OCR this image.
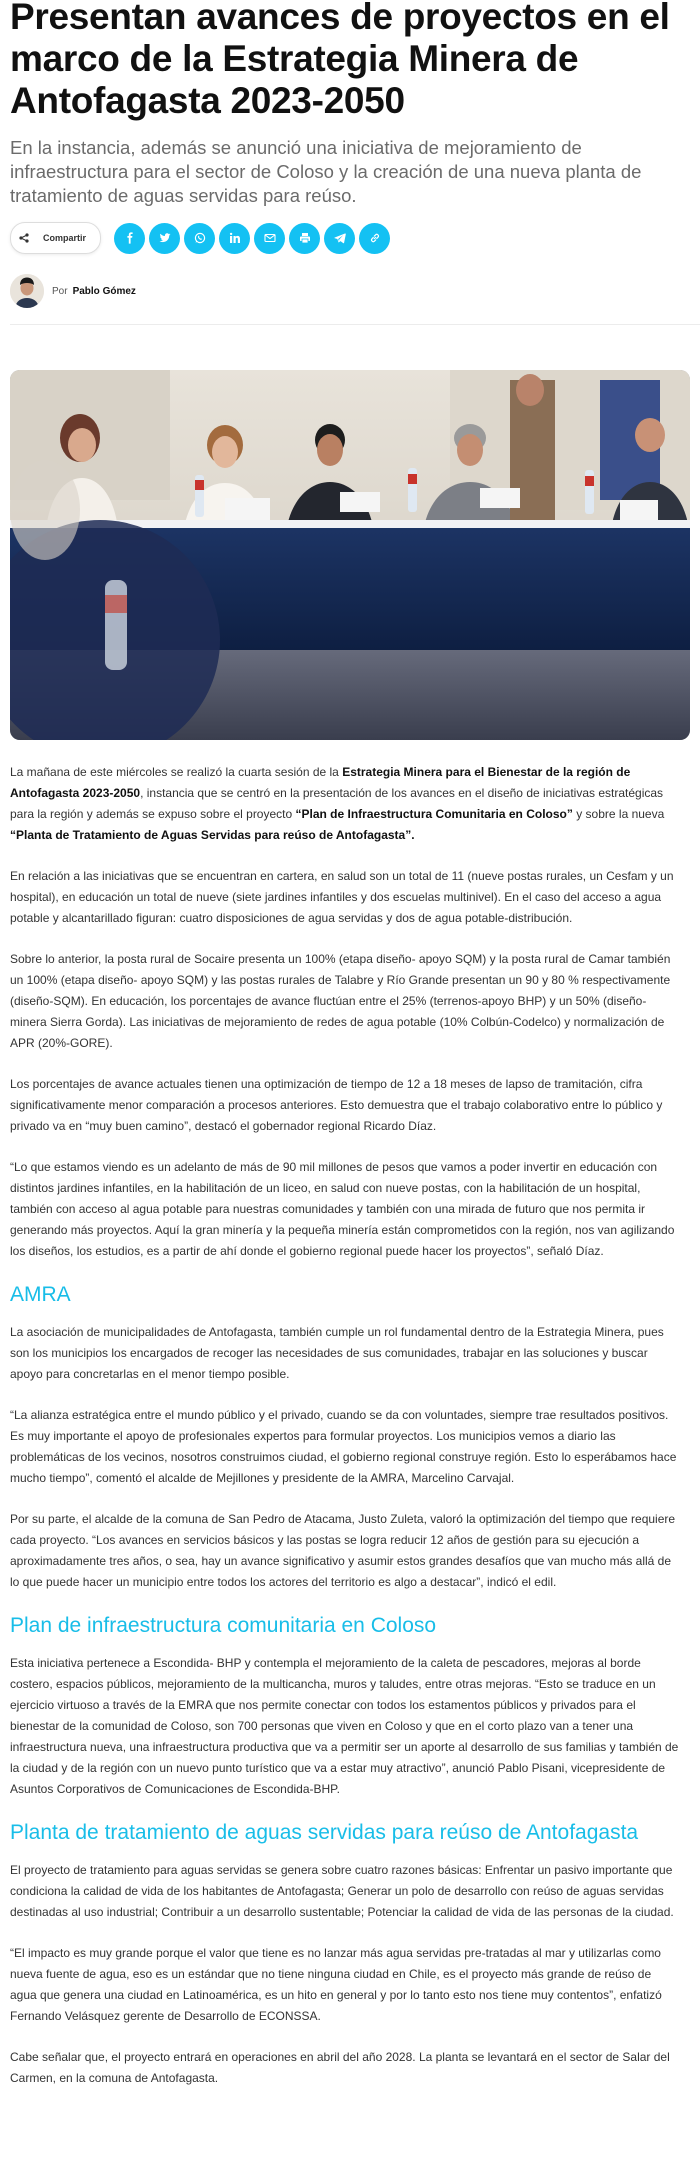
Presentan avances de proyectos en el marco de la Estrategia Minera de Antofagasta 2023-2050
En la instancia, además se anunció una iniciativa de mejoramiento de infraestructura para el sector de Coloso y la creación de una nueva planta de tratamiento de aguas servidas para reúso.
Compartir
Por Pablo Gómez

La mañana de este miércoles se realizó la cuarta sesión de la Estrategia Minera para el Bienestar de la región de Antofagasta 2023-2050, instancia que se centró en la presentación de los avances en el diseño de iniciativas estratégicas para la región y además se expuso sobre el proyecto “Plan de Infraestructura Comunitaria en Coloso” y sobre la nueva “Planta de Tratamiento de Aguas Servidas para reúso de Antofagasta”.

En relación a las iniciativas que se encuentran en cartera, en salud son un total de 11 (nueve postas rurales, un Cesfam y un hospital), en educación un total de nueve (siete jardines infantiles y dos escuelas multinivel). En el caso del acceso a agua potable y alcantarillado figuran: cuatro disposiciones de agua servidas y dos de agua potable-distribución.

Sobre lo anterior, la posta rural de Socaire presenta un 100% (etapa diseño- apoyo SQM) y la posta rural de Camar también un 100% (etapa diseño- apoyo SQM) y las postas rurales de Talabre y Río Grande presentan un 90 y 80 % respectivamente (diseño-SQM). En educación, los porcentajes de avance fluctúan entre el 25% (terrenos-apoyo BHP) y un 50% (diseño-minera Sierra Gorda). Las iniciativas de mejoramiento de redes de agua potable (10% Colbún-Codelco) y normalización de APR (20%-GORE).

Los porcentajes de avance actuales tienen una optimización de tiempo de 12 a 18 meses de lapso de tramitación, cifra significativamente menor comparación a procesos anteriores. Esto demuestra que el trabajo colaborativo entre lo público y privado va en “muy buen camino”, destacó el gobernador regional Ricardo Díaz.

“Lo que estamos viendo es un adelanto de más de 90 mil millones de pesos que vamos a poder invertir en educación con distintos jardines infantiles, en la habilitación de un liceo, en salud con nueve postas, con la habilitación de un hospital, también con acceso al agua potable para nuestras comunidades y también con una mirada de futuro que nos permita ir generando más proyectos. Aquí la gran minería y la pequeña minería están comprometidos con la región, nos van agilizando los diseños, los estudios, es a partir de ahí donde el gobierno regional puede hacer los proyectos”, señaló Díaz.

AMRA

La asociación de municipalidades de Antofagasta, también cumple un rol fundamental dentro de la Estrategia Minera, pues son los municipios los encargados de recoger las necesidades de sus comunidades, trabajar en las soluciones y buscar apoyo para concretarlas en el menor tiempo posible.

“La alianza estratégica entre el mundo público y el privado, cuando se da con voluntades, siempre trae resultados positivos. Es muy importante el apoyo de profesionales expertos para formular proyectos. Los municipios vemos a diario las problemáticas de los vecinos, nosotros construimos ciudad, el gobierno regional construye región. Esto lo esperábamos hace mucho tiempo”, comentó el alcalde de Mejillones y presidente de la AMRA, Marcelino Carvajal.

Por su parte, el alcalde de la comuna de San Pedro de Atacama, Justo Zuleta, valoró la optimización del tiempo que requiere cada proyecto. “Los avances en servicios básicos y las postas se logra reducir 12 años de gestión para su ejecución a aproximadamente tres años, o sea, hay un avance significativo y asumir estos grandes desafíos que van mucho más allá de lo que puede hacer un municipio entre todos los actores del territorio es algo a destacar”, indicó el edil.

Plan de infraestructura comunitaria en Coloso

Esta iniciativa pertenece a Escondida- BHP y contempla el mejoramiento de la caleta de pescadores, mejoras al borde costero, espacios públicos, mejoramiento de la multicancha, muros y taludes, entre otras mejoras. “Esto se traduce en un ejercicio virtuoso a través de la EMRA que nos permite conectar con todos los estamentos públicos y privados para el bienestar de la comunidad de Coloso, son 700 personas que viven en Coloso y que en el corto plazo van a tener una infraestructura nueva, una infraestructura productiva que va a permitir ser un aporte al desarrollo de sus familias y también de la ciudad y de la región con un nuevo punto turístico que va a estar muy atractivo”, anunció Pablo Pisani, vicepresidente de Asuntos Corporativos de Comunicaciones de Escondida-BHP.

Planta de tratamiento de aguas servidas para reúso de Antofagasta

El proyecto de tratamiento para aguas servidas se genera sobre cuatro razones básicas: Enfrentar un pasivo importante que condiciona la calidad de vida de los habitantes de Antofagasta; Generar un polo de desarrollo con reúso de aguas servidas destinadas al uso industrial; Contribuir a un desarrollo sustentable; Potenciar la calidad de vida de las personas de la ciudad.

“El impacto es muy grande porque el valor que tiene es no lanzar más agua servidas pre-tratadas al mar y utilizarlas como nueva fuente de agua, eso es un estándar que no tiene ninguna ciudad en Chile, es el proyecto más grande de reúso de agua que genera una ciudad en Latinoamérica, es un hito en general y por lo tanto esto nos tiene muy contentos”, enfatizó Fernando Velásquez gerente de Desarrollo de ECONSSA.

Cabe señalar que, el proyecto entrará en operaciones en abril del año 2028. La planta se levantará en el sector de Salar del Carmen, en la comuna de Antofagasta.
